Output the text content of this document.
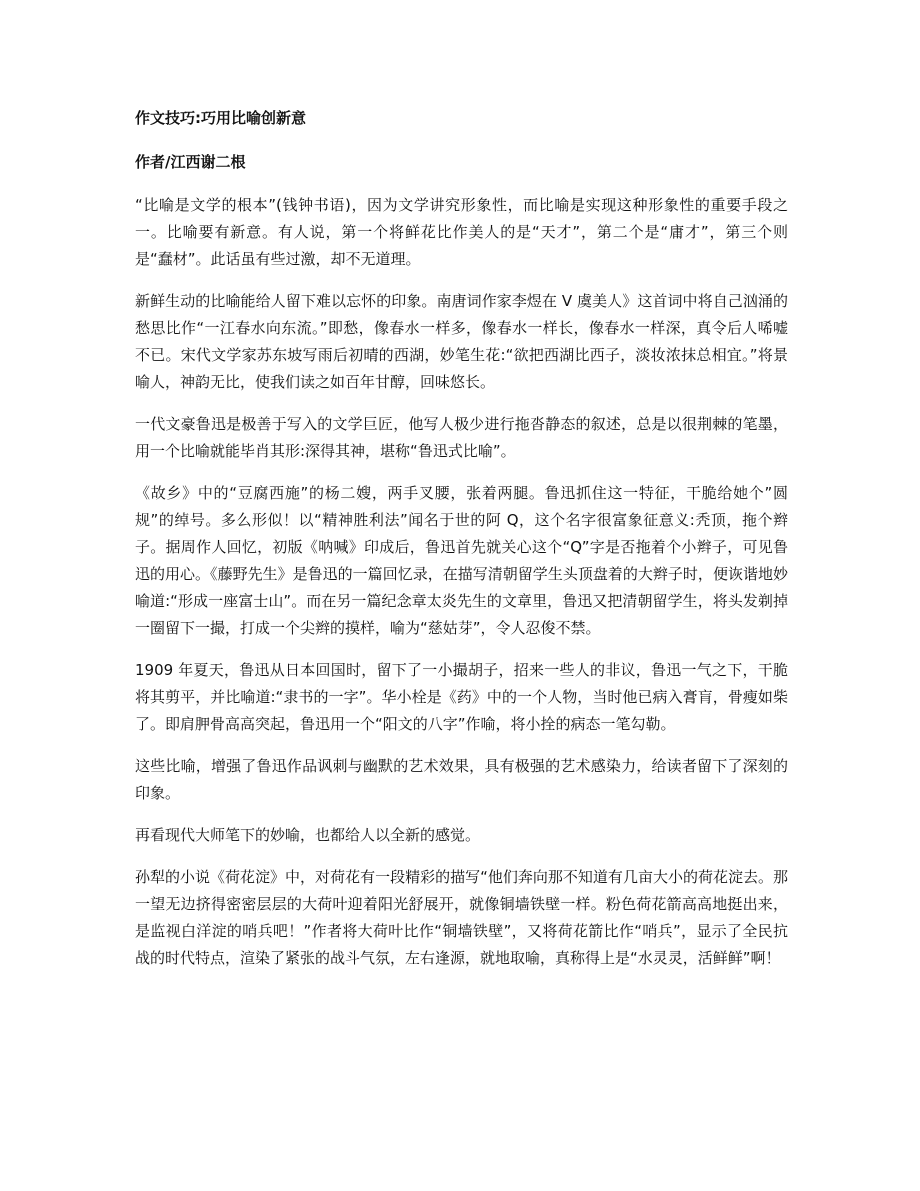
作文技巧:巧用比喻创新意
作者/江西谢二根
“比喻是文学的根本”(钱钟书语)，因为文学讲究形象性，而比喻是实现这种形象性的重要手段之一。比喻要有新意。有人说，第一个将鲜花比作美人的是“天才”，第二个是“庸才”，第三个则是“蠢材”。此话虽有些过激，却不无道理。
新鲜生动的比喻能给人留下难以忘怀的印象。南唐词作家李煜在 V 虞美人》这首词中将自己汹涌的愁思比作“一江春水向东流。”即愁，像春水一样多，像春水一样长，像春水一样深，真令后人唏嘘不已。宋代文学家苏东坡写雨后初晴的西湖，妙笔生花:“欲把西湖比西子，淡妆浓抹总相宜。”将景喻人，神韵无比，使我们读之如百年甘醇，回味悠长。
一代文豪鲁迅是极善于写入的文学巨匠，他写人极少进行拖沓静态的叙述，总是以很荆棘的笔墨，用一个比喻就能毕肖其形:深得其神，堪称“鲁迅式比喻”。
《故乡》中的“豆腐西施”的杨二嫂，两手叉腰，张着两腿。鲁迅抓住这一特征，干脆给她个”圆规”的绰号。多么形似！以“精神胜利法”闻名于世的阿 Q，这个名字很富象征意义:秃顶，拖个辫子。据周作人回忆，初版《呐喊》印成后，鲁迅首先就关心这个“Q”字是否拖着个小辫子，可见鲁迅的用心。《藤野先生》是鲁迅的一篇回忆录，在描写清朝留学生头顶盘着的大辫子时，便诙谐地妙喻道:“形成一座富士山”。而在另一篇纪念章太炎先生的文章里，鲁迅又把清朝留学生，将头发剃掉一圈留下一撮，打成一个尖辫的摸样，喻为“慈姑芽”，令人忍俊不禁。
1909 年夏天，鲁迅从日本回国时，留下了一小撮胡子，招来一些人的非议，鲁迅一气之下，干脆将其剪平，并比喻道:“隶书的一字”。华小栓是《药》中的一个人物，当时他已病入膏肓，骨瘦如柴了。即肩胛骨高高突起，鲁迅用一个“阳文的八字”作喻，将小拴的病态一笔勾勒。
这些比喻，增强了鲁迅作品讽刺与幽默的艺术效果，具有极强的艺术感染力，给读者留下了深刻的印象。
再看现代大师笔下的妙喻，也都给人以全新的感觉。
孙犁的小说《荷花淀》中，对荷花有一段精彩的描写“他们奔向那不知道有几亩大小的荷花淀去。那一望无边挤得密密层层的大荷叶迎着阳光舒展开，就像铜墙铁壁一样。粉色荷花箭高高地挺出来，是监视白洋淀的哨兵吧！”作者将大荷叶比作“铜墙铁壁”，又将荷花箭比作“哨兵”，显示了全民抗战的时代特点，渲染了紧张的战斗气氛，左右逢源，就地取喻，真称得上是“水灵灵，活鲜鲜”啊！
